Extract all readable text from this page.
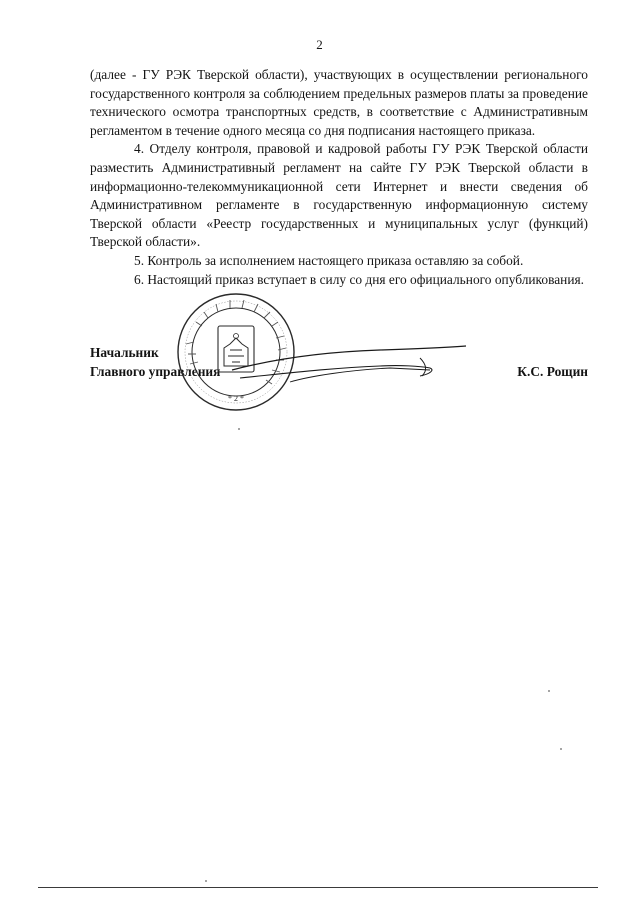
2

(далее - ГУ РЭК Тверской области), участвующих в осуществлении регионального государственного контроля за соблюдением предельных размеров платы за проведение технического осмотра транспортных средств, в соответствие с Административным регламентом в течение одного месяца со дня подписания настоящего приказа.

4. Отделу контроля, правовой и кадровой работы ГУ РЭК Тверской области разместить Административный регламент на сайте ГУ РЭК Тверской области в информационно-телекоммуникационной сети Интернет и внести сведения об Административном регламенте в государственную информационную систему Тверской области «Реестр государственных и муниципальных услуг (функций) Тверской области».

5. Контроль за исполнением настоящего приказа оставляю за собой.

6. Настоящий приказ вступает в силу со дня его официального опубликования.

Начальник
Главного управления	К.С. Рощин
* 2 *
